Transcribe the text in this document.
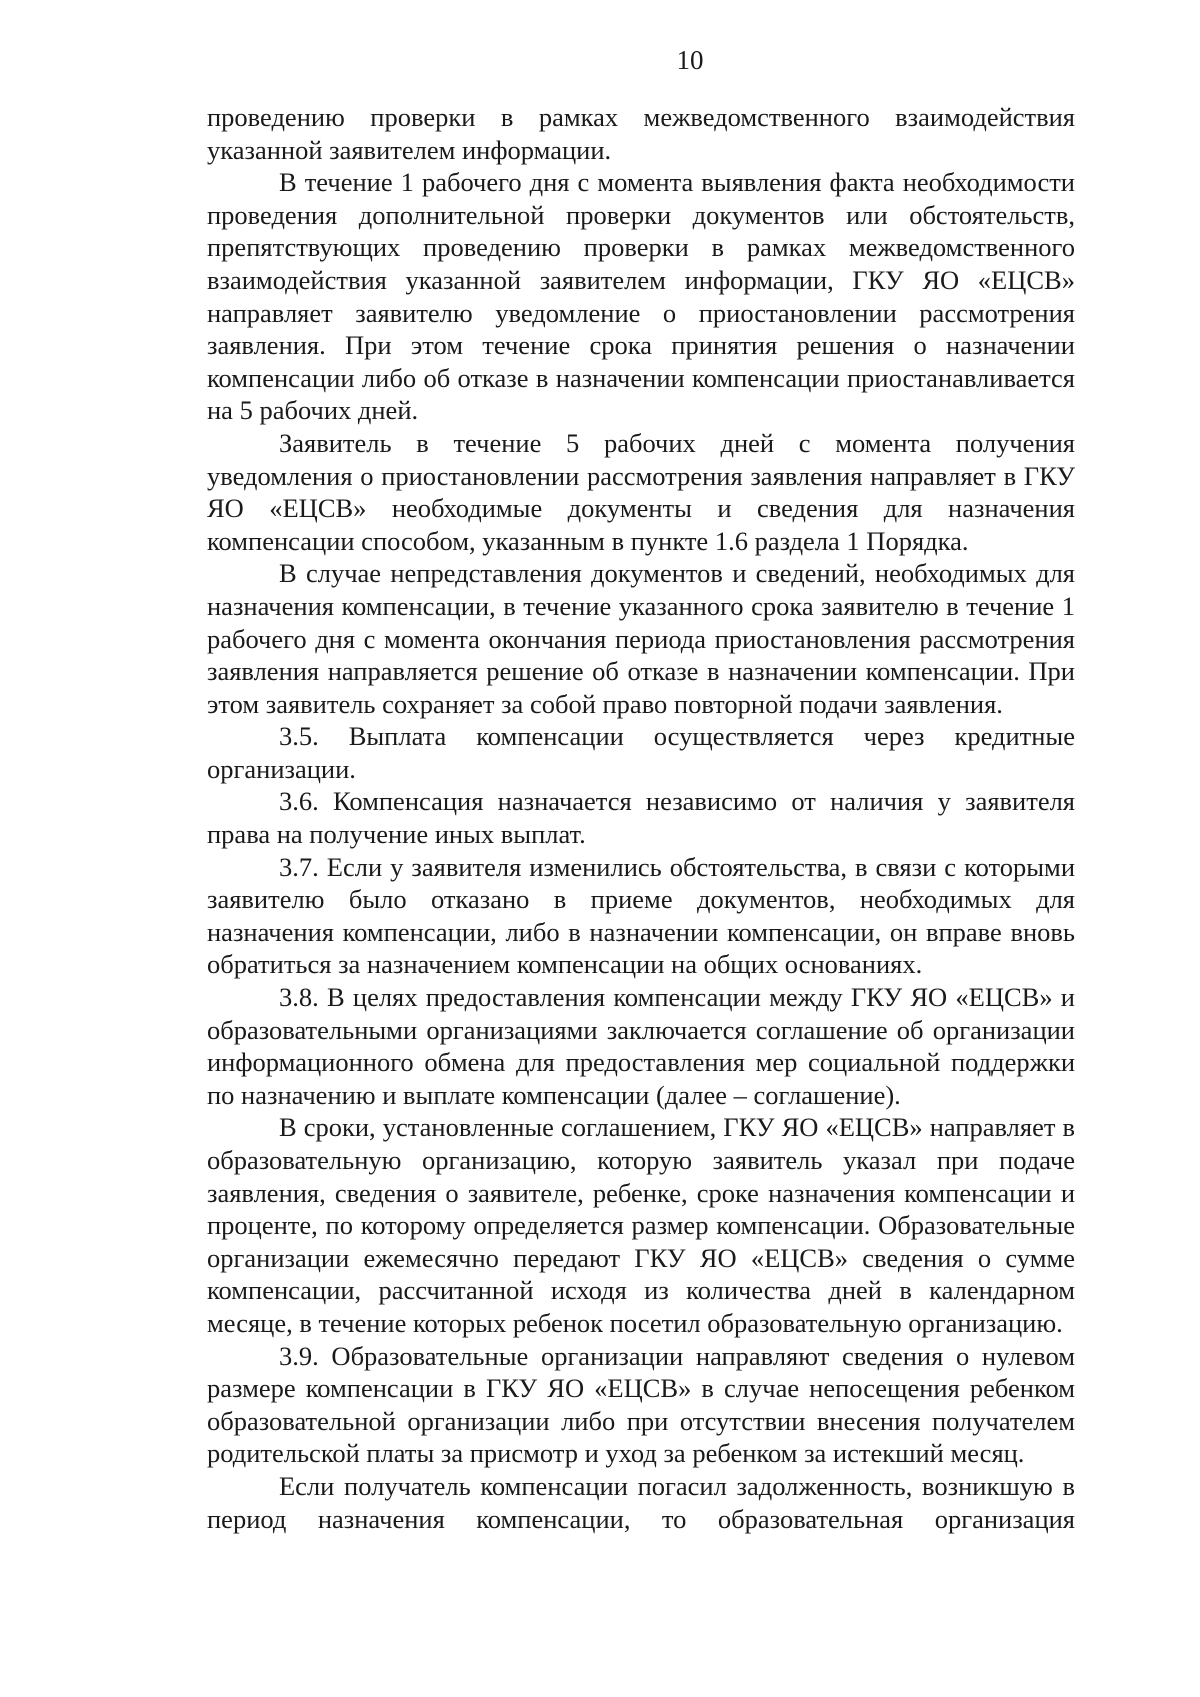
10

проведению проверки в рамках межведомственного взаимодействия указанной заявителем информации.

В течение 1 рабочего дня с момента выявления факта необходимости проведения дополнительной проверки документов или обстоятельств, препятствующих проведению проверки в рамках межведомственного взаимодействия указанной заявителем информации, ГКУ ЯО «ЕЦСВ» направляет заявителю уведомление о приостановлении рассмотрения заявления. При этом течение срока принятия решения о назначении компенсации либо об отказе в назначении компенсации приостанавливается на 5 рабочих дней.

Заявитель в течение 5 рабочих дней с момента получения уведомления о приостановлении рассмотрения заявления направляет в ГКУ ЯО «ЕЦСВ» необходимые документы и сведения для назначения компенсации способом, указанным в пункте 1.6 раздела 1 Порядка.

В случае непредставления документов и сведений, необходимых для назначения компенсации, в течение указанного срока заявителю в течение 1 рабочего дня с момента окончания периода приостановления рассмотрения заявления направляется решение об отказе в назначении компенсации. При этом заявитель сохраняет за собой право повторной подачи заявления.

3.5. Выплата компенсации осуществляется через кредитные организации.

3.6. Компенсация назначается независимо от наличия у заявителя права на получение иных выплат.

3.7. Если у заявителя изменились обстоятельства, в связи с которыми заявителю было отказано в приеме документов, необходимых для назначения компенсации, либо в назначении компенсации, он вправе вновь обратиться за назначением компенсации на общих основаниях.

3.8. В целях предоставления компенсации между ГКУ ЯО «ЕЦСВ» и образовательными организациями заключается соглашение об организации информационного обмена для предоставления мер социальной поддержки по назначению и выплате компенсации (далее – соглашение).

В сроки, установленные соглашением, ГКУ ЯО «ЕЦСВ» направляет в образовательную организацию, которую заявитель указал при подаче заявления, сведения о заявителе, ребенке, сроке назначения компенсации и проценте, по которому определяется размер компенсации. Образовательные организации ежемесячно передают ГКУ ЯО «ЕЦСВ» сведения о сумме компенсации, рассчитанной исходя из количества дней в календарном месяце, в течение которых ребенок посетил образовательную организацию.

3.9. Образовательные организации направляют сведения о нулевом размере компенсации в ГКУ ЯО «ЕЦСВ» в случае непосещения ребенком образовательной организации либо при отсутствии внесения получателем родительской платы за присмотр и уход за ребенком за истекший месяц.

Если получатель компенсации погасил задолженность, возникшую в период назначения компенсации, то образовательная организация
